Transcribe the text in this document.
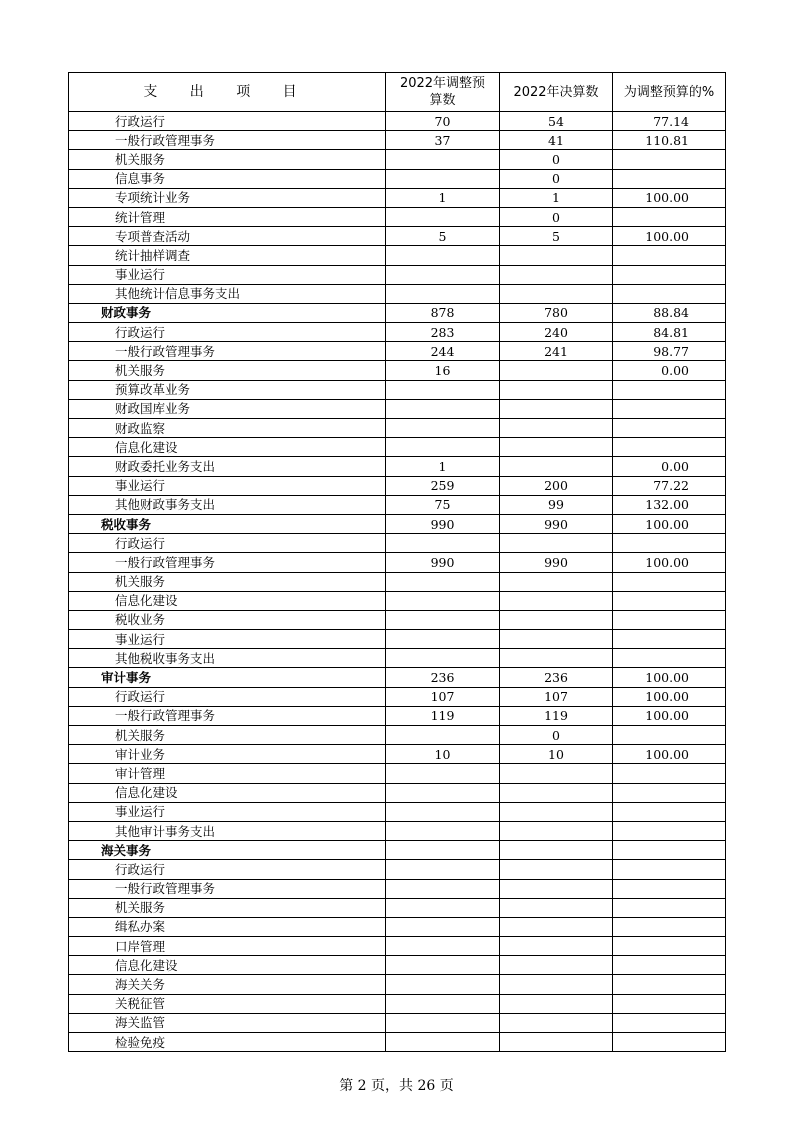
支 出 项 目	2022年调整预算数	2022年决算数	为调整预算的%
行政运行	70	54	77.14
一般行政管理事务	37	41	110.81
机关服务		0	
信息事务		0	
专项统计业务	1	1	100.00
统计管理		0	
专项普查活动	5	5	100.00
统计抽样调查			
事业运行			
其他统计信息事务支出			
财政事务	878	780	88.84
行政运行	283	240	84.81
一般行政管理事务	244	241	98.77
机关服务	16		0.00
预算改革业务			
财政国库业务			
财政监察			
信息化建设			
财政委托业务支出	1		0.00
事业运行	259	200	77.22
其他财政事务支出	75	99	132.00
税收事务	990	990	100.00
行政运行			
一般行政管理事务	990	990	100.00
机关服务			
信息化建设			
税收业务			
事业运行			
其他税收事务支出			
审计事务	236	236	100.00
行政运行	107	107	100.00
一般行政管理事务	119	119	100.00
机关服务		0	
审计业务	10	10	100.00
审计管理			
信息化建设			
事业运行			
其他审计事务支出			
海关事务			
行政运行			
一般行政管理事务			
机关服务			
缉私办案			
口岸管理			
信息化建设			
海关关务			
关税征管			
海关监管			
检验免疫			
第 2 页，共 26 页
